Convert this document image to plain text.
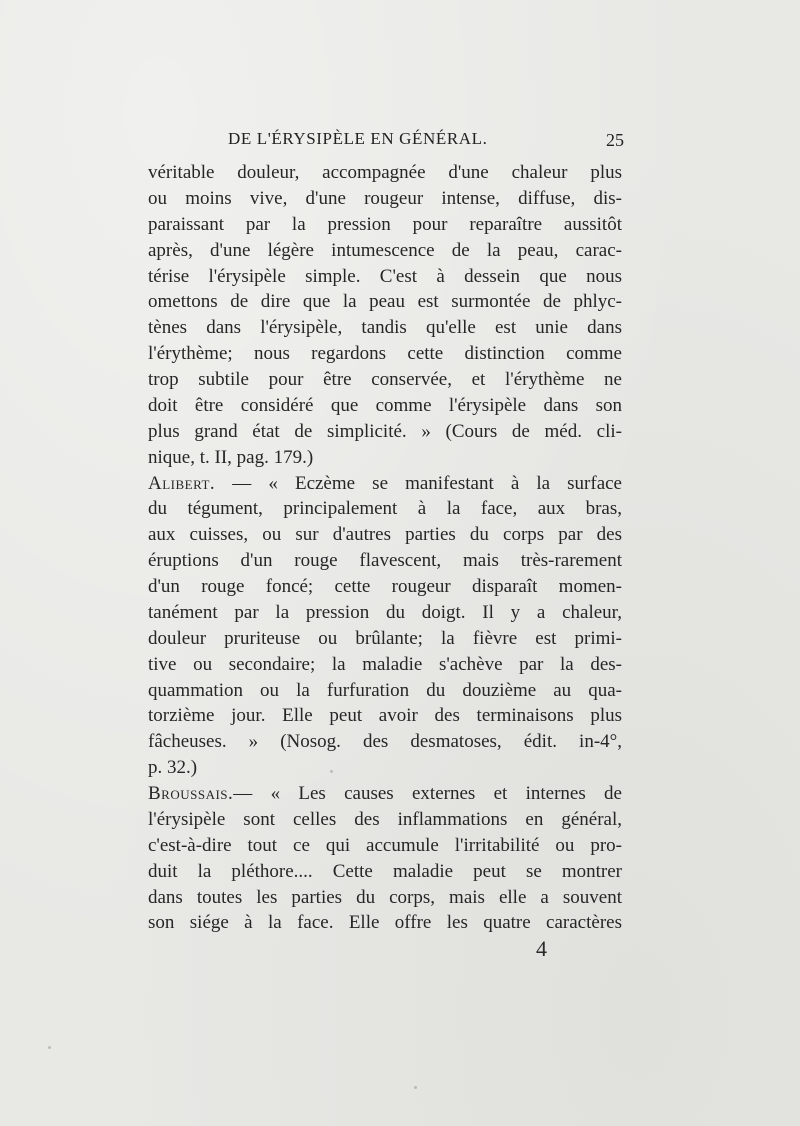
DE L'ÉRYSIPÈLE EN GÉNÉRAL.	25
véritable douleur, accompagnée d'une chaleur plus
ou moins vive, d'une rougeur intense, diffuse, dis-
paraissant par la pression pour reparaître aussitôt
après, d'une légère intumescence de la peau, carac-
térise l'érysipèle simple. C'est à dessein que nous
omettons de dire que la peau est surmontée de phlyc-
tènes dans l'érysipèle, tandis qu'elle est unie dans
l'érythème; nous regardons cette distinction comme
trop subtile pour être conservée, et l'érythème ne
doit être considéré que comme l'érysipèle dans son
plus grand état de simplicité. » (Cours de méd. cli-
nique, t. II, pag. 179.)
Alibert. — « Eczème se manifestant à la surface
du tégument, principalement à la face, aux bras,
aux cuisses, ou sur d'autres parties du corps par des
éruptions d'un rouge flavescent, mais très-rarement
d'un rouge foncé; cette rougeur disparaît momen-
tanément par la pression du doigt. Il y a chaleur,
douleur pruriteuse ou brûlante; la fièvre est primi-
tive ou secondaire; la maladie s'achève par la des-
quammation ou la furfuration du douzième au qua-
torzième jour. Elle peut avoir des terminaisons plus
fâcheuses. » (Nosog. des desmatoses, édit. in-4°,
p. 32.)
Broussais.— « Les causes externes et internes de
l'érysipèle sont celles des inflammations en général,
c'est-à-dire tout ce qui accumule l'irritabilité ou pro-
duit la pléthore.... Cette maladie peut se montrer
dans toutes les parties du corps, mais elle a souvent
son siége à la face. Elle offre les quatre caractères
4
